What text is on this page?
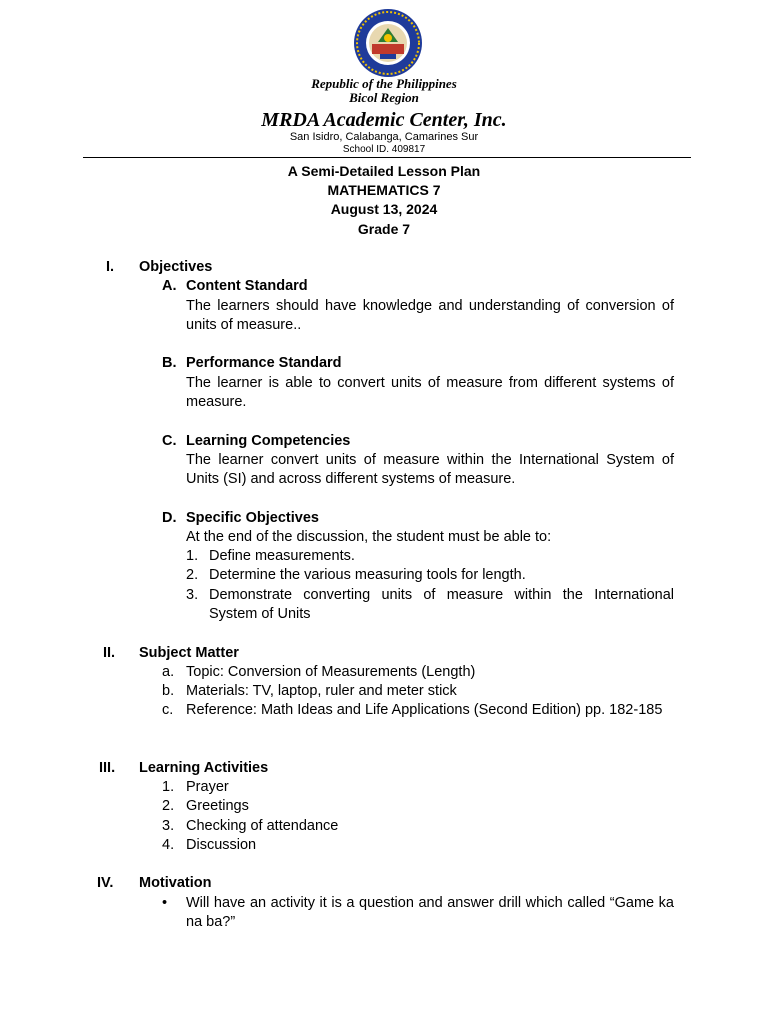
Republic of the Philippines
Bicol Region
MRDA Academic Center, Inc.
San Isidro, Calabanga, Camarines Sur
School ID. 409817
A Semi-Detailed Lesson Plan
MATHEMATICS 7
August 13, 2024
Grade 7
I. Objectives
A. Content Standard
The learners should have knowledge and understanding of conversion of units of measure..
B. Performance Standard
The learner is able to convert units of measure from different systems of measure.
C. Learning Competencies
The learner convert units of measure within the International System of Units (SI) and across different systems of measure.
D. Specific Objectives
At the end of the discussion, the student must be able to:
1. Define measurements.
2. Determine the various measuring tools for length.
3. Demonstrate converting units of measure within the International System of Units
II. Subject Matter
a. Topic: Conversion of Measurements (Length)
b. Materials: TV, laptop, ruler and meter stick
c. Reference: Math Ideas and Life Applications (Second Edition) pp. 182-185
III. Learning Activities
1. Prayer
2. Greetings
3. Checking of attendance
4. Discussion
IV. Motivation
• Will have an activity it is a question and answer drill which called “Game ka na ba?”
